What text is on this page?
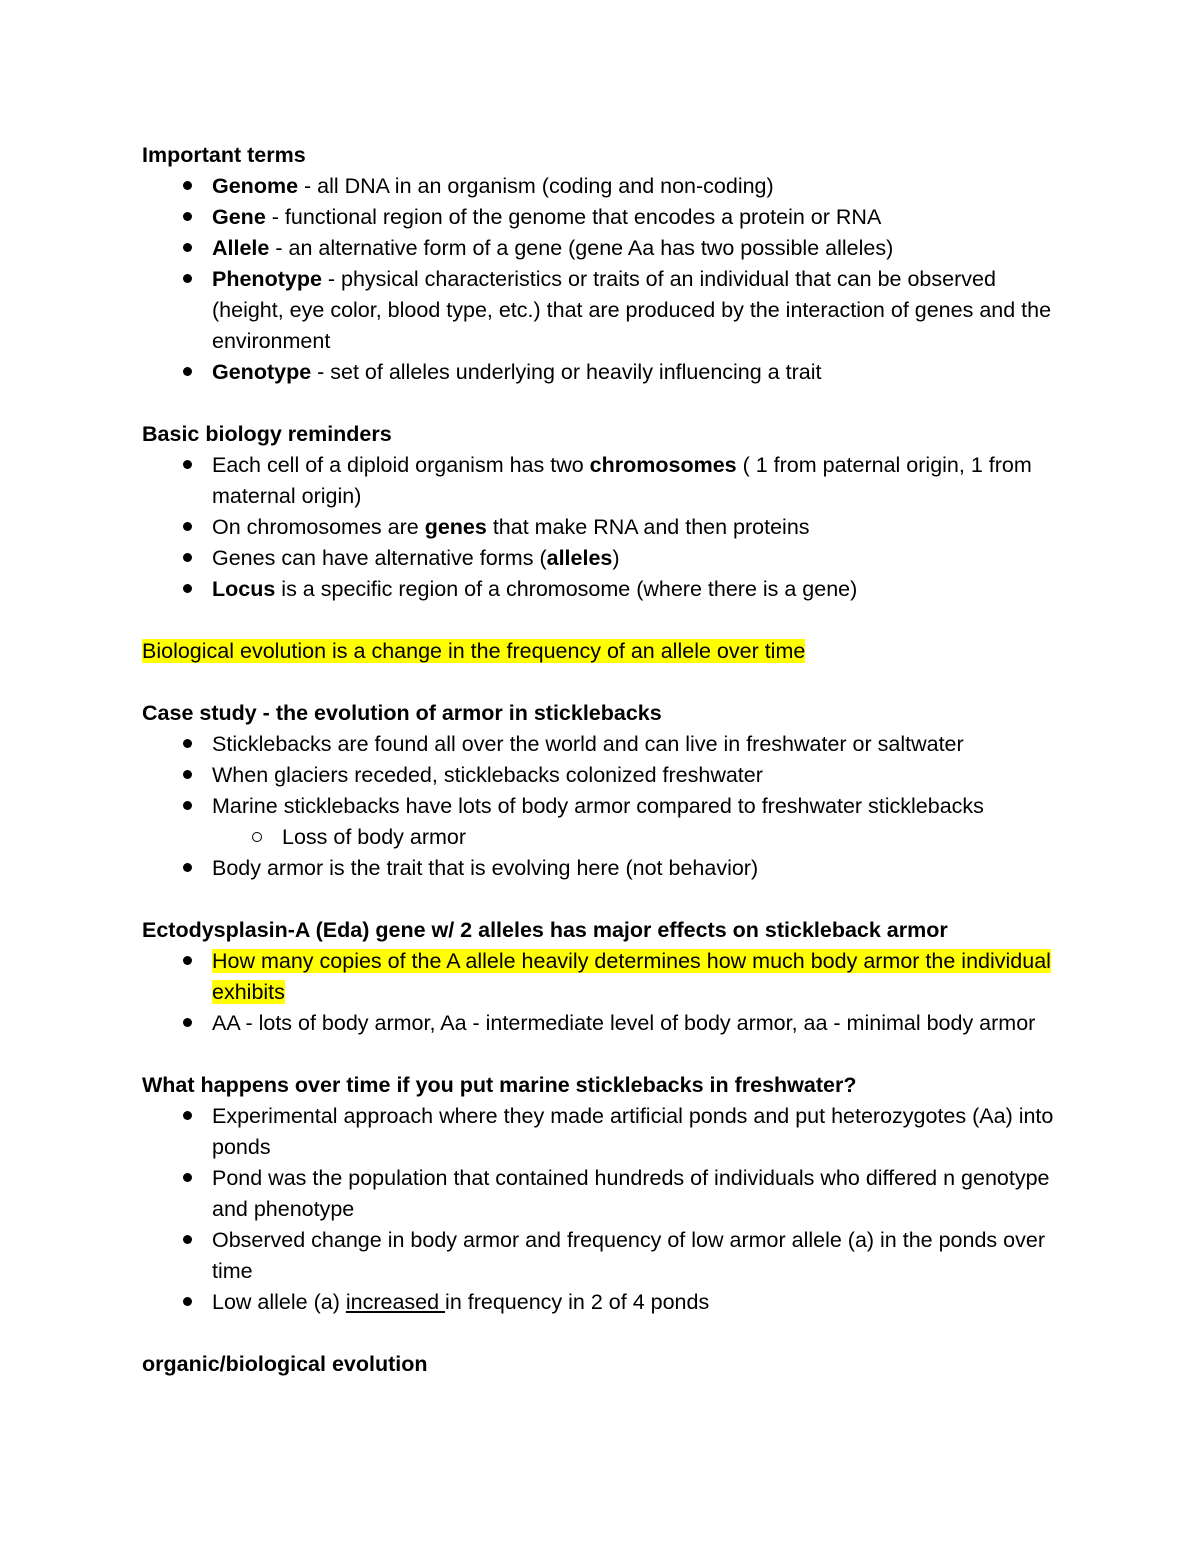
Important terms

Genome - all DNA in an organism (coding and non-coding)
Gene - functional region of the genome that encodes a protein or RNA
Allele - an alternative form of a gene (gene Aa has two possible alleles)
Phenotype - physical characteristics or traits of an individual that can be observed (height, eye color, blood type, etc.) that are produced by the interaction of genes and the environment
Genotype - set of alleles underlying or heavily influencing a trait

Basic biology reminders

Each cell of a diploid organism has two chromosomes ( 1 from paternal origin, 1 from maternal origin)
On chromosomes are genes that make RNA and then proteins
Genes can have alternative forms (alleles)
Locus is a specific region of a chromosome (where there is a gene)
Biological evolution is a change in the frequency of an allele over time

Case study - the evolution of armor in sticklebacks

Sticklebacks are found all over the world and can live in freshwater or saltwater
When glaciers receded, sticklebacks colonized freshwater
Marine sticklebacks have lots of body armor compared to freshwater sticklebacks
Loss of body armor
Body armor is the trait that is evolving here (not behavior)

Ectodysplasin-A (Eda) gene w/ 2 alleles has major effects on stickleback armor

How many copies of the A allele heavily determines how much body armor the individual exhibits
AA - lots of body armor, Aa - intermediate level of body armor, aa - minimal body armor

What happens over time if you put marine sticklebacks in freshwater?

Experimental approach where they made artificial ponds and put heterozygotes (Aa) into ponds
Pond was the population that contained hundreds of individuals who differed n genotype and phenotype
Observed change in body armor and frequency of low armor allele (a) in the ponds over time
Low allele (a) increased in frequency in 2 of 4 ponds

organic/biological evolution
